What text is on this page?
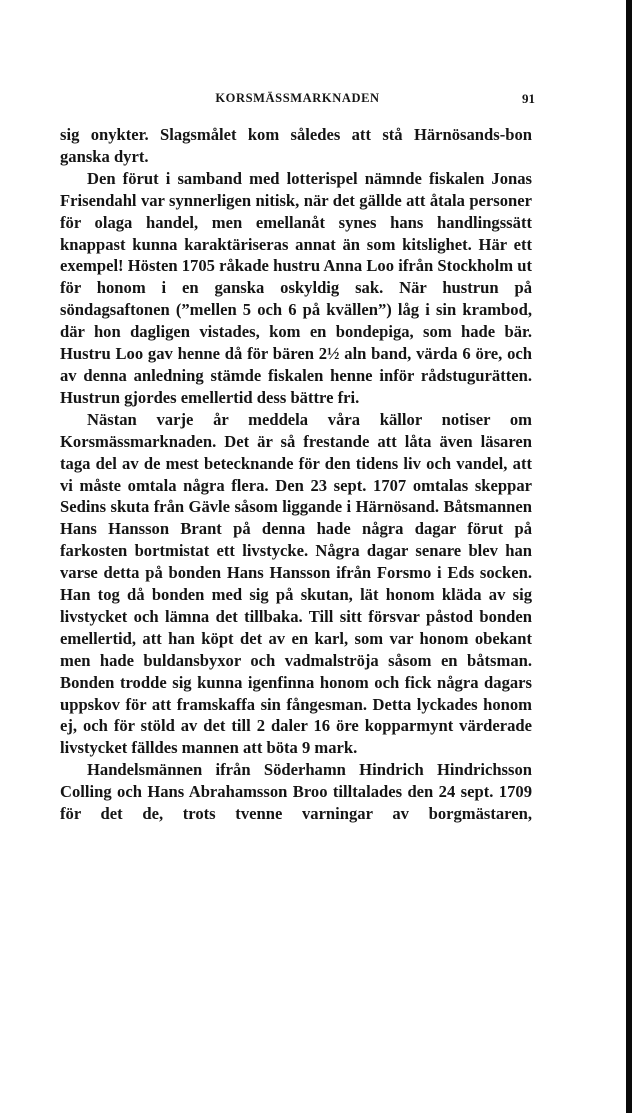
KORSMÄSSMARKNADEN	91

sig onykter. Slagsmålet kom således att stå Härnösands-bon ganska dyrt.

Den förut i samband med lotterispel nämnde fiskalen Jonas Frisendahl var synnerligen nitisk, när det gällde att åtala personer för olaga handel, men emellanåt synes hans handlingssätt knappast kunna karaktäriseras annat än som kitslighet. Här ett exempel! Hösten 1705 råkade hustru Anna Loo ifrån Stockholm ut för honom i en ganska oskyldig sak. När hustrun på söndagsaftonen (”mellen 5 och 6 på kvällen”) låg i sin krambod, där hon dagligen vistades, kom en bondepiga, som hade bär. Hustru Loo gav henne då för bären 2½ aln band, värda 6 öre, och av denna anledning stämde fiskalen henne inför rådstugurätten. Hustrun gjordes emellertid dess bättre fri.

Nästan varje år meddela våra källor notiser om Korsmässmarknaden. Det är så frestande att låta även läsaren taga del av de mest betecknande för den tidens liv och vandel, att vi måste omtala några flera. Den 23 sept. 1707 omtalas skeppar Sedins skuta från Gävle såsom liggande i Härnösand. Båtsmannen Hans Hansson Brant på denna hade några dagar förut på farkosten bortmistat ett livstycke. Några dagar senare blev han varse detta på bonden Hans Hansson ifrån Forsmo i Eds socken. Han tog då bonden med sig på skutan, lät honom kläda av sig livstycket och lämna det tillbaka. Till sitt försvar påstod bonden emellertid, att han köpt det av en karl, som var honom obekant men hade buldansbyxor och vadmalströja såsom en båtsman. Bonden trodde sig kunna igenfinna honom och fick några dagars uppskov för att framskaffa sin fångesman. Detta lyckades honom ej, och för stöld av det till 2 daler 16 öre kopparmynt värderade livstycket fälldes mannen att böta 9 mark.

Handelsmännen ifrån Söderhamn Hindrich Hindrichsson Colling och Hans Abrahamsson Broo tilltalades den 24 sept. 1709 för det de, trots tvenne varningar av borgmästaren,
